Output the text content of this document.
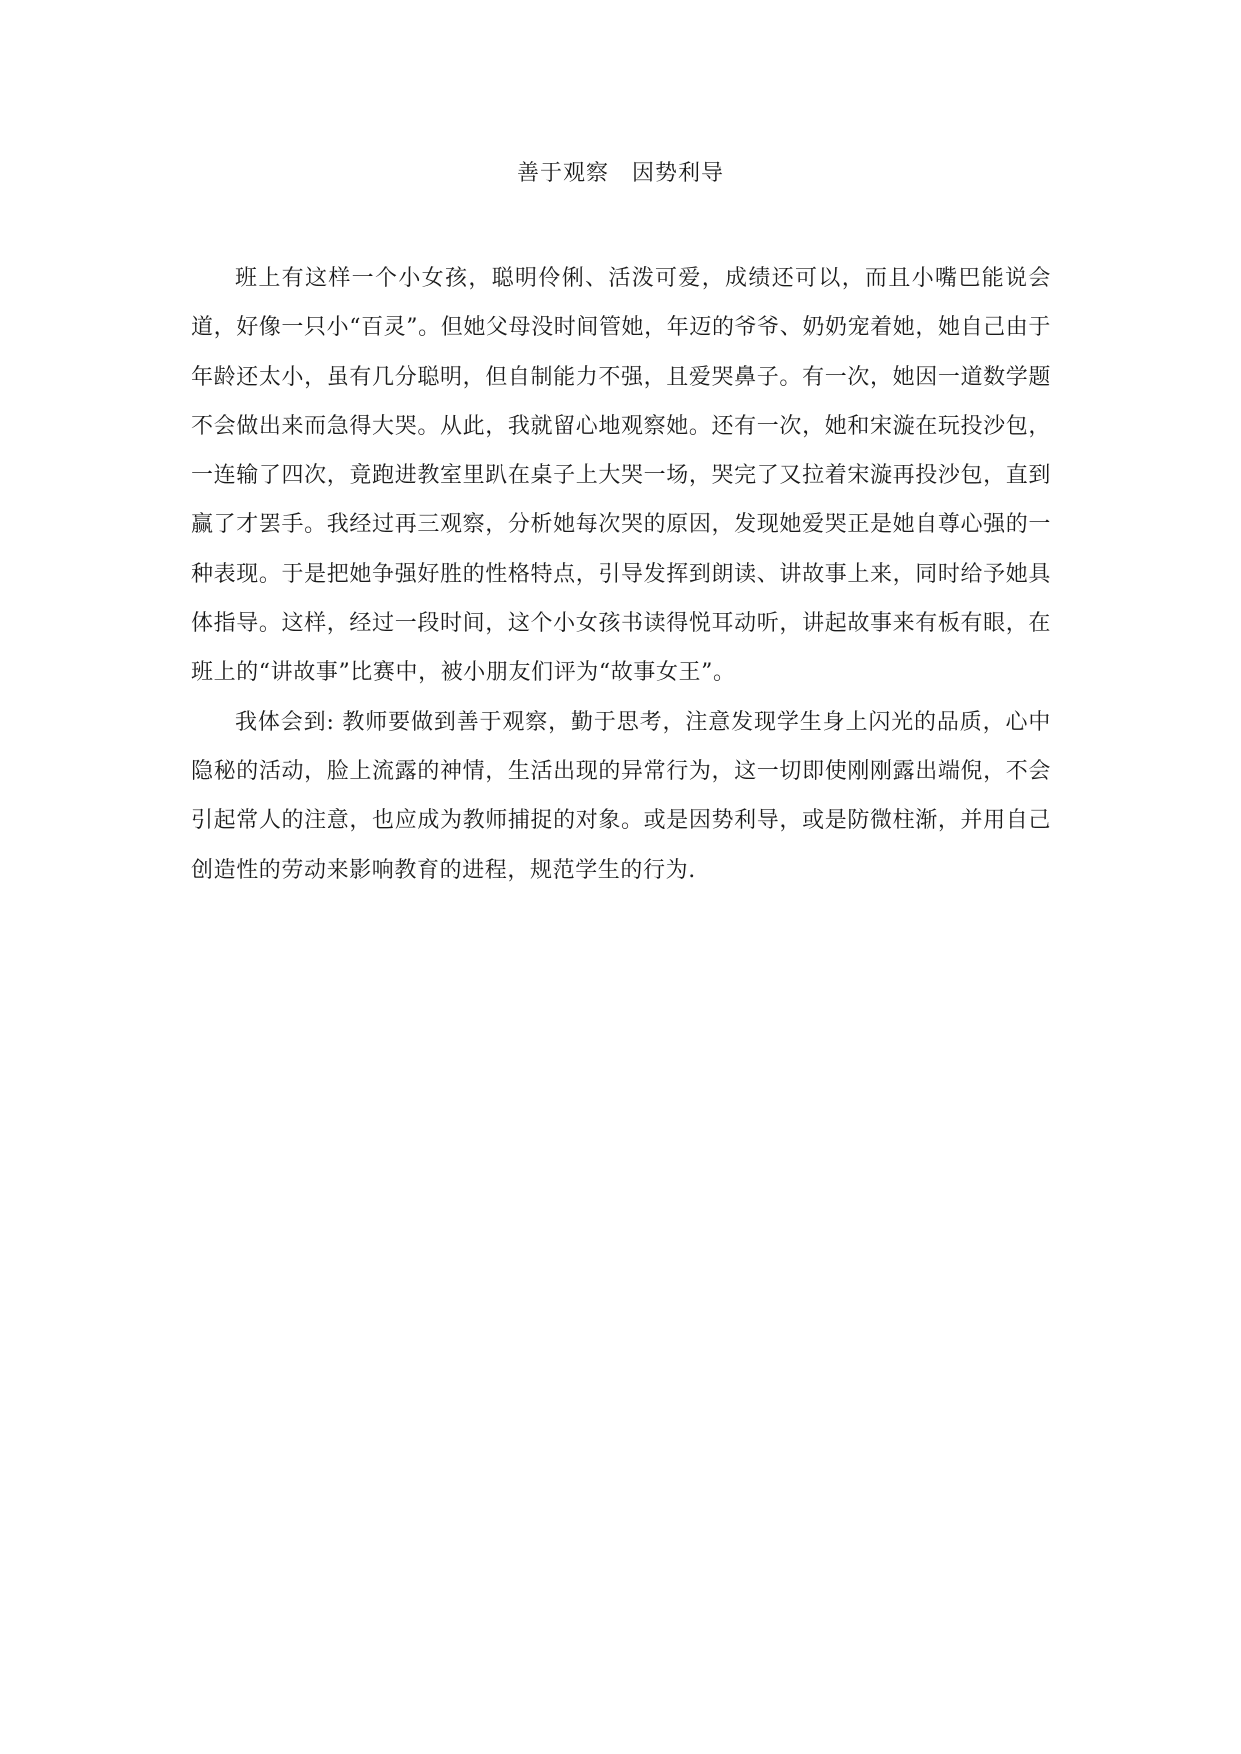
善于观察　因势利导

班上有这样一个小女孩，聪明伶俐、活泼可爱，成绩还可以，而且小嘴巴能说会道，好像一只小“百灵”。但她父母没时间管她，年迈的爷爷、奶奶宠着她，她自己由于年龄还太小，虽有几分聪明，但自制能力不强，且爱哭鼻子。有一次，她因一道数学题不会做出来而急得大哭。从此，我就留心地观察她。还有一次，她和宋漩在玩投沙包，一连输了四次，竟跑进教室里趴在桌子上大哭一场，哭完了又拉着宋漩再投沙包，直到赢了才罢手。我经过再三观察，分析她每次哭的原因，发现她爱哭正是她自尊心强的一种表现。于是把她争强好胜的性格特点，引导发挥到朗读、讲故事上来，同时给予她具体指导。这样，经过一段时间，这个小女孩书读得悦耳动听，讲起故事来有板有眼，在班上的“讲故事”比赛中，被小朋友们评为“故事女王”。

我体会到: 教师要做到善于观察，勤于思考，注意发现学生身上闪光的品质，心中隐秘的活动，脸上流露的神情，生活出现的异常行为，这一切即使刚刚露出端倪，不会引起常人的注意，也应成为教师捕捉的对象。或是因势利导，或是防微柱渐，并用自己创造性的劳动来影响教育的进程，规范学生的行为.
